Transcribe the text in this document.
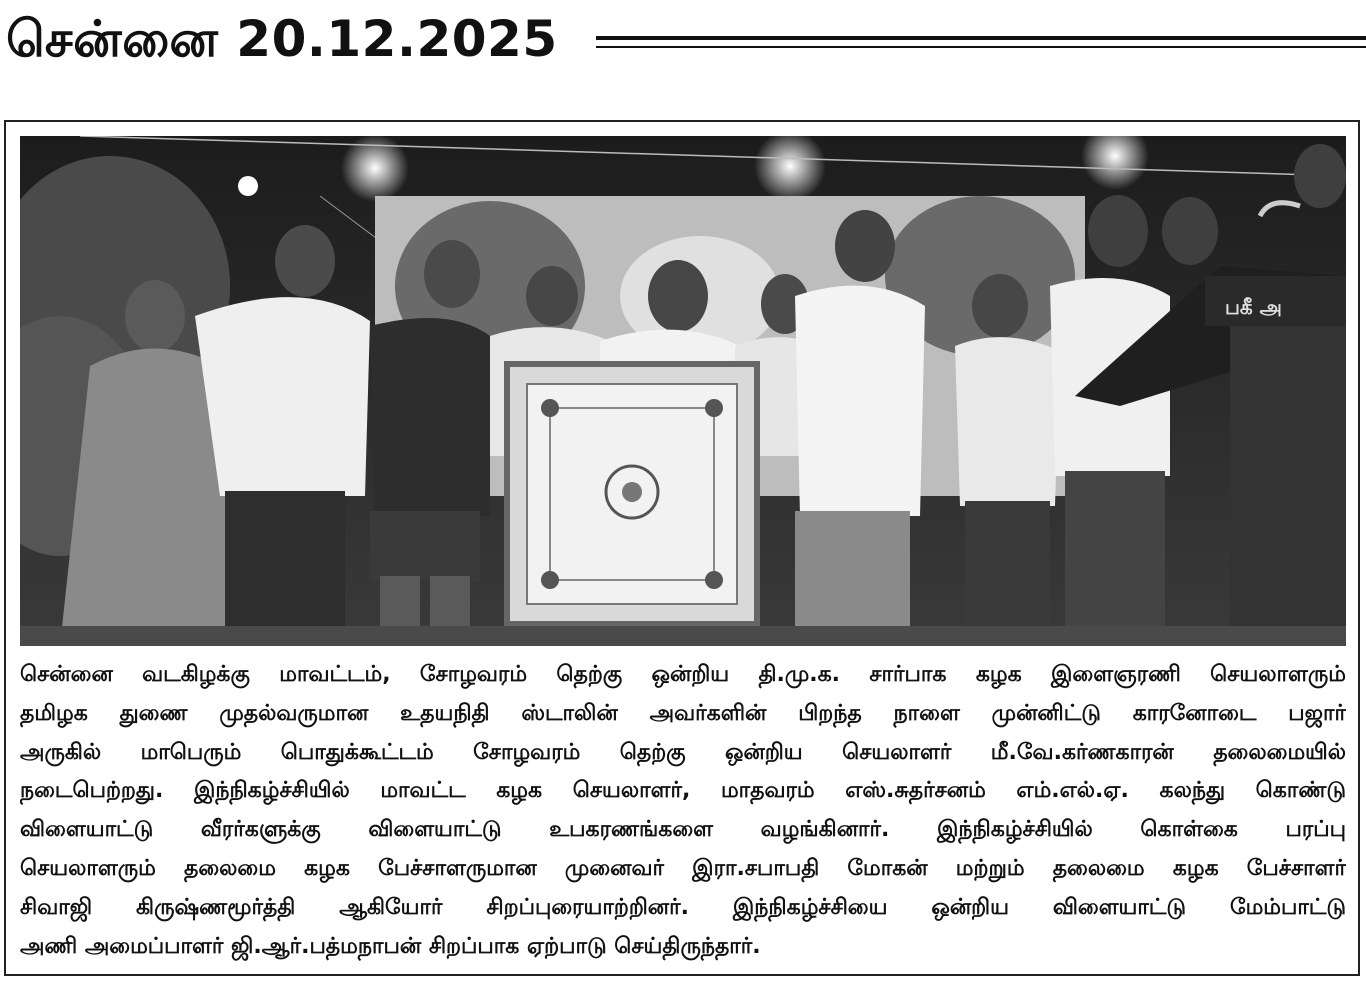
சென்னை 20.12.2025
பகீ அ
சென்னை வடகிழக்கு மாவட்டம், சோழவரம் தெற்கு ஒன்றிய தி.மு.க. சார்பாக கழக இளைஞரணி செயலாளரும்
தமிழக துணை முதல்வருமான உதயநிதி ஸ்டாலின் அவர்களின் பிறந்த நாளை முன்னிட்டு காரனோடை பஜார்
அருகில் மாபெரும் பொதுக்கூட்டம் சோழவரம் தெற்கு ஒன்றிய செயலாளர் மீ.வே.கர்ணகாரன் தலைமையில்
நடைபெற்றது. இந்நிகழ்ச்சியில் மாவட்ட கழக செயலாளர், மாதவரம் எஸ்.சுதர்சனம் எம்.எல்.ஏ. கலந்து கொண்டு
விளையாட்டு வீரர்களுக்கு விளையாட்டு உபகரணங்களை வழங்கினார். இந்நிகழ்ச்சியில் கொள்கை பரப்பு
செயலாளரும் தலைமை கழக பேச்சாளருமான முனைவர் இரா.சபாபதி மோகன் மற்றும் தலைமை கழக பேச்சாளர்
சிவாஜி கிருஷ்ணமூர்த்தி ஆகியோர் சிறப்புரையாற்றினர். இந்நிகழ்ச்சியை ஒன்றிய விளையாட்டு மேம்பாட்டு
அணி அமைப்பாளர் ஜி.ஆர்.பத்மநாபன் சிறப்பாக ஏற்பாடு செய்திருந்தார்.
